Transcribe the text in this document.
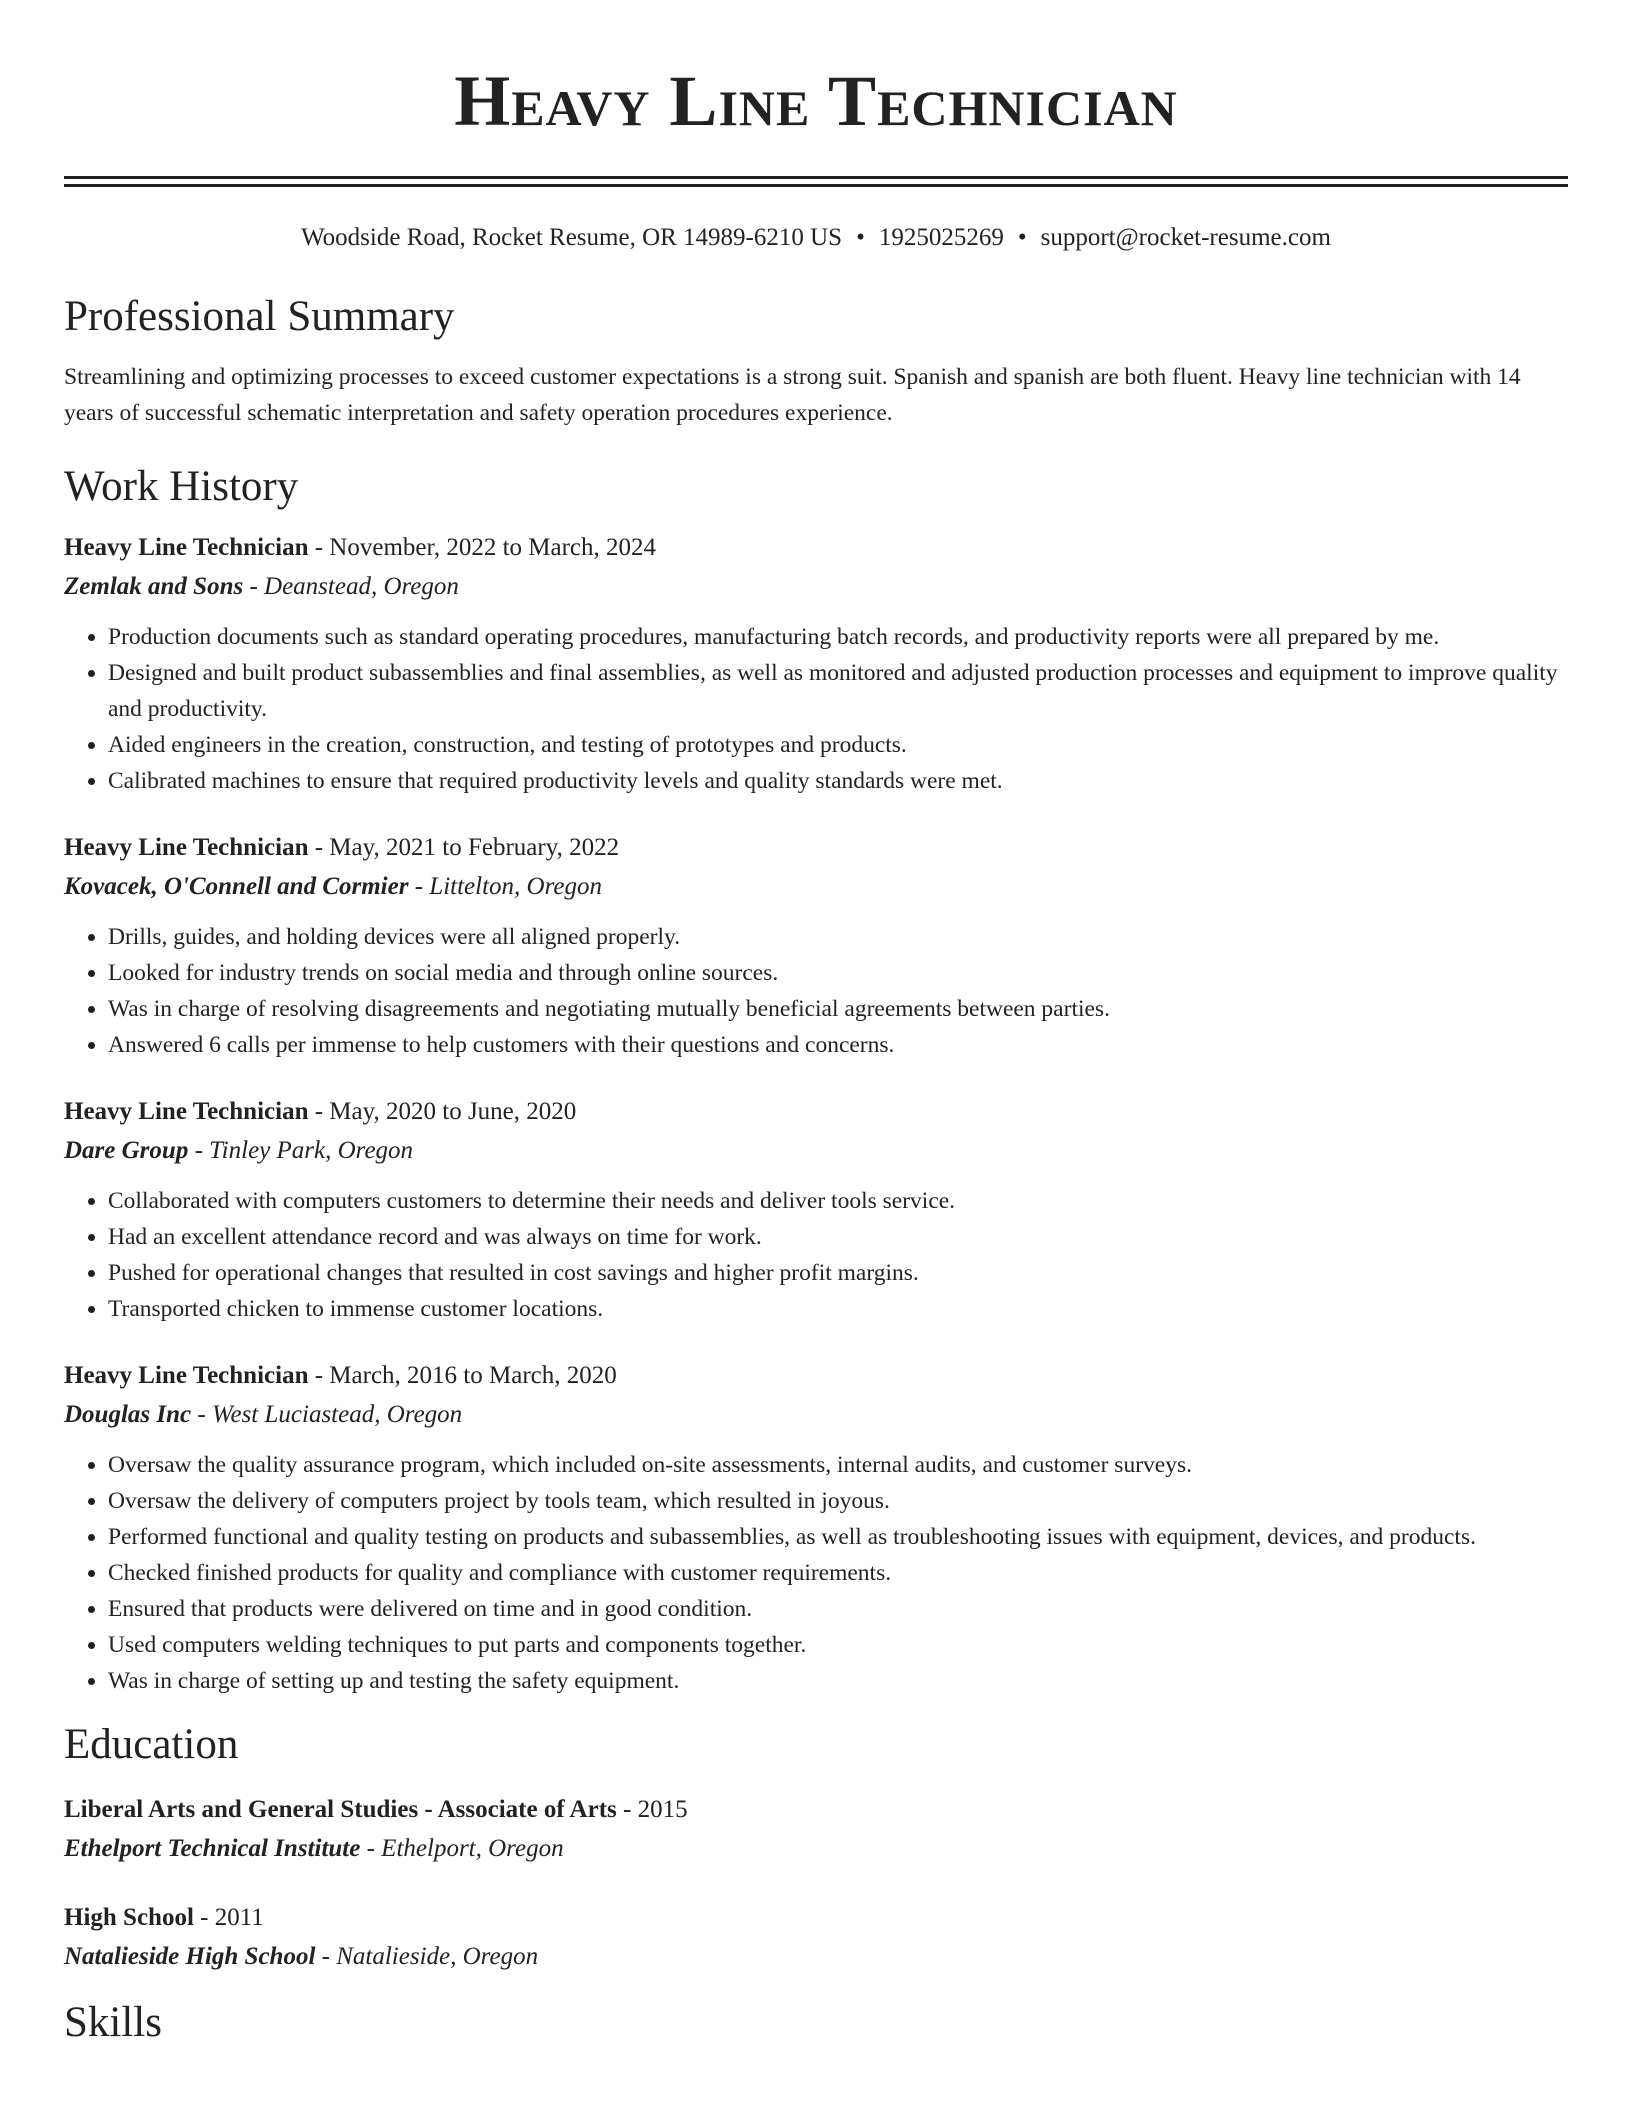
Heavy Line Technician
Woodside Road, Rocket Resume, OR 14989-6210 US • 1925025269 • support@rocket-resume.com
Professional Summary

Streamlining and optimizing processes to exceed customer expectations is a strong suit. Spanish and spanish are both fluent. Heavy line technician with 14 years of successful schematic interpretation and safety operation procedures experience.

Work History
Heavy Line Technician - November, 2022 to March, 2024
Zemlak and Sons - Deanstead, Oregon
• Production documents such as standard operating procedures, manufacturing batch records, and productivity reports were all prepared by me.
• Designed and built product subassemblies and final assemblies, as well as monitored and adjusted production processes and equipment to improve quality and productivity.
• Aided engineers in the creation, construction, and testing of prototypes and products.
• Calibrated machines to ensure that required productivity levels and quality standards were met.
Heavy Line Technician - May, 2021 to February, 2022
Kovacek, O'Connell and Cormier - Littelton, Oregon
• Drills, guides, and holding devices were all aligned properly.
• Looked for industry trends on social media and through online sources.
• Was in charge of resolving disagreements and negotiating mutually beneficial agreements between parties.
• Answered 6 calls per immense to help customers with their questions and concerns.
Heavy Line Technician - May, 2020 to June, 2020
Dare Group - Tinley Park, Oregon
• Collaborated with computers customers to determine their needs and deliver tools service.
• Had an excellent attendance record and was always on time for work.
• Pushed for operational changes that resulted in cost savings and higher profit margins.
• Transported chicken to immense customer locations.
Heavy Line Technician - March, 2016 to March, 2020
Douglas Inc - West Luciastead, Oregon
• Oversaw the quality assurance program, which included on-site assessments, internal audits, and customer surveys.
• Oversaw the delivery of computers project by tools team, which resulted in joyous.
• Performed functional and quality testing on products and subassemblies, as well as troubleshooting issues with equipment, devices, and products.
• Checked finished products for quality and compliance with customer requirements.
• Ensured that products were delivered on time and in good condition.
• Used computers welding techniques to put parts and components together.
• Was in charge of setting up and testing the safety equipment.
Education
Liberal Arts and General Studies - Associate of Arts - 2015
Ethelport Technical Institute - Ethelport, Oregon
High School - 2011
Natalieside High School - Natalieside, Oregon
Skills
